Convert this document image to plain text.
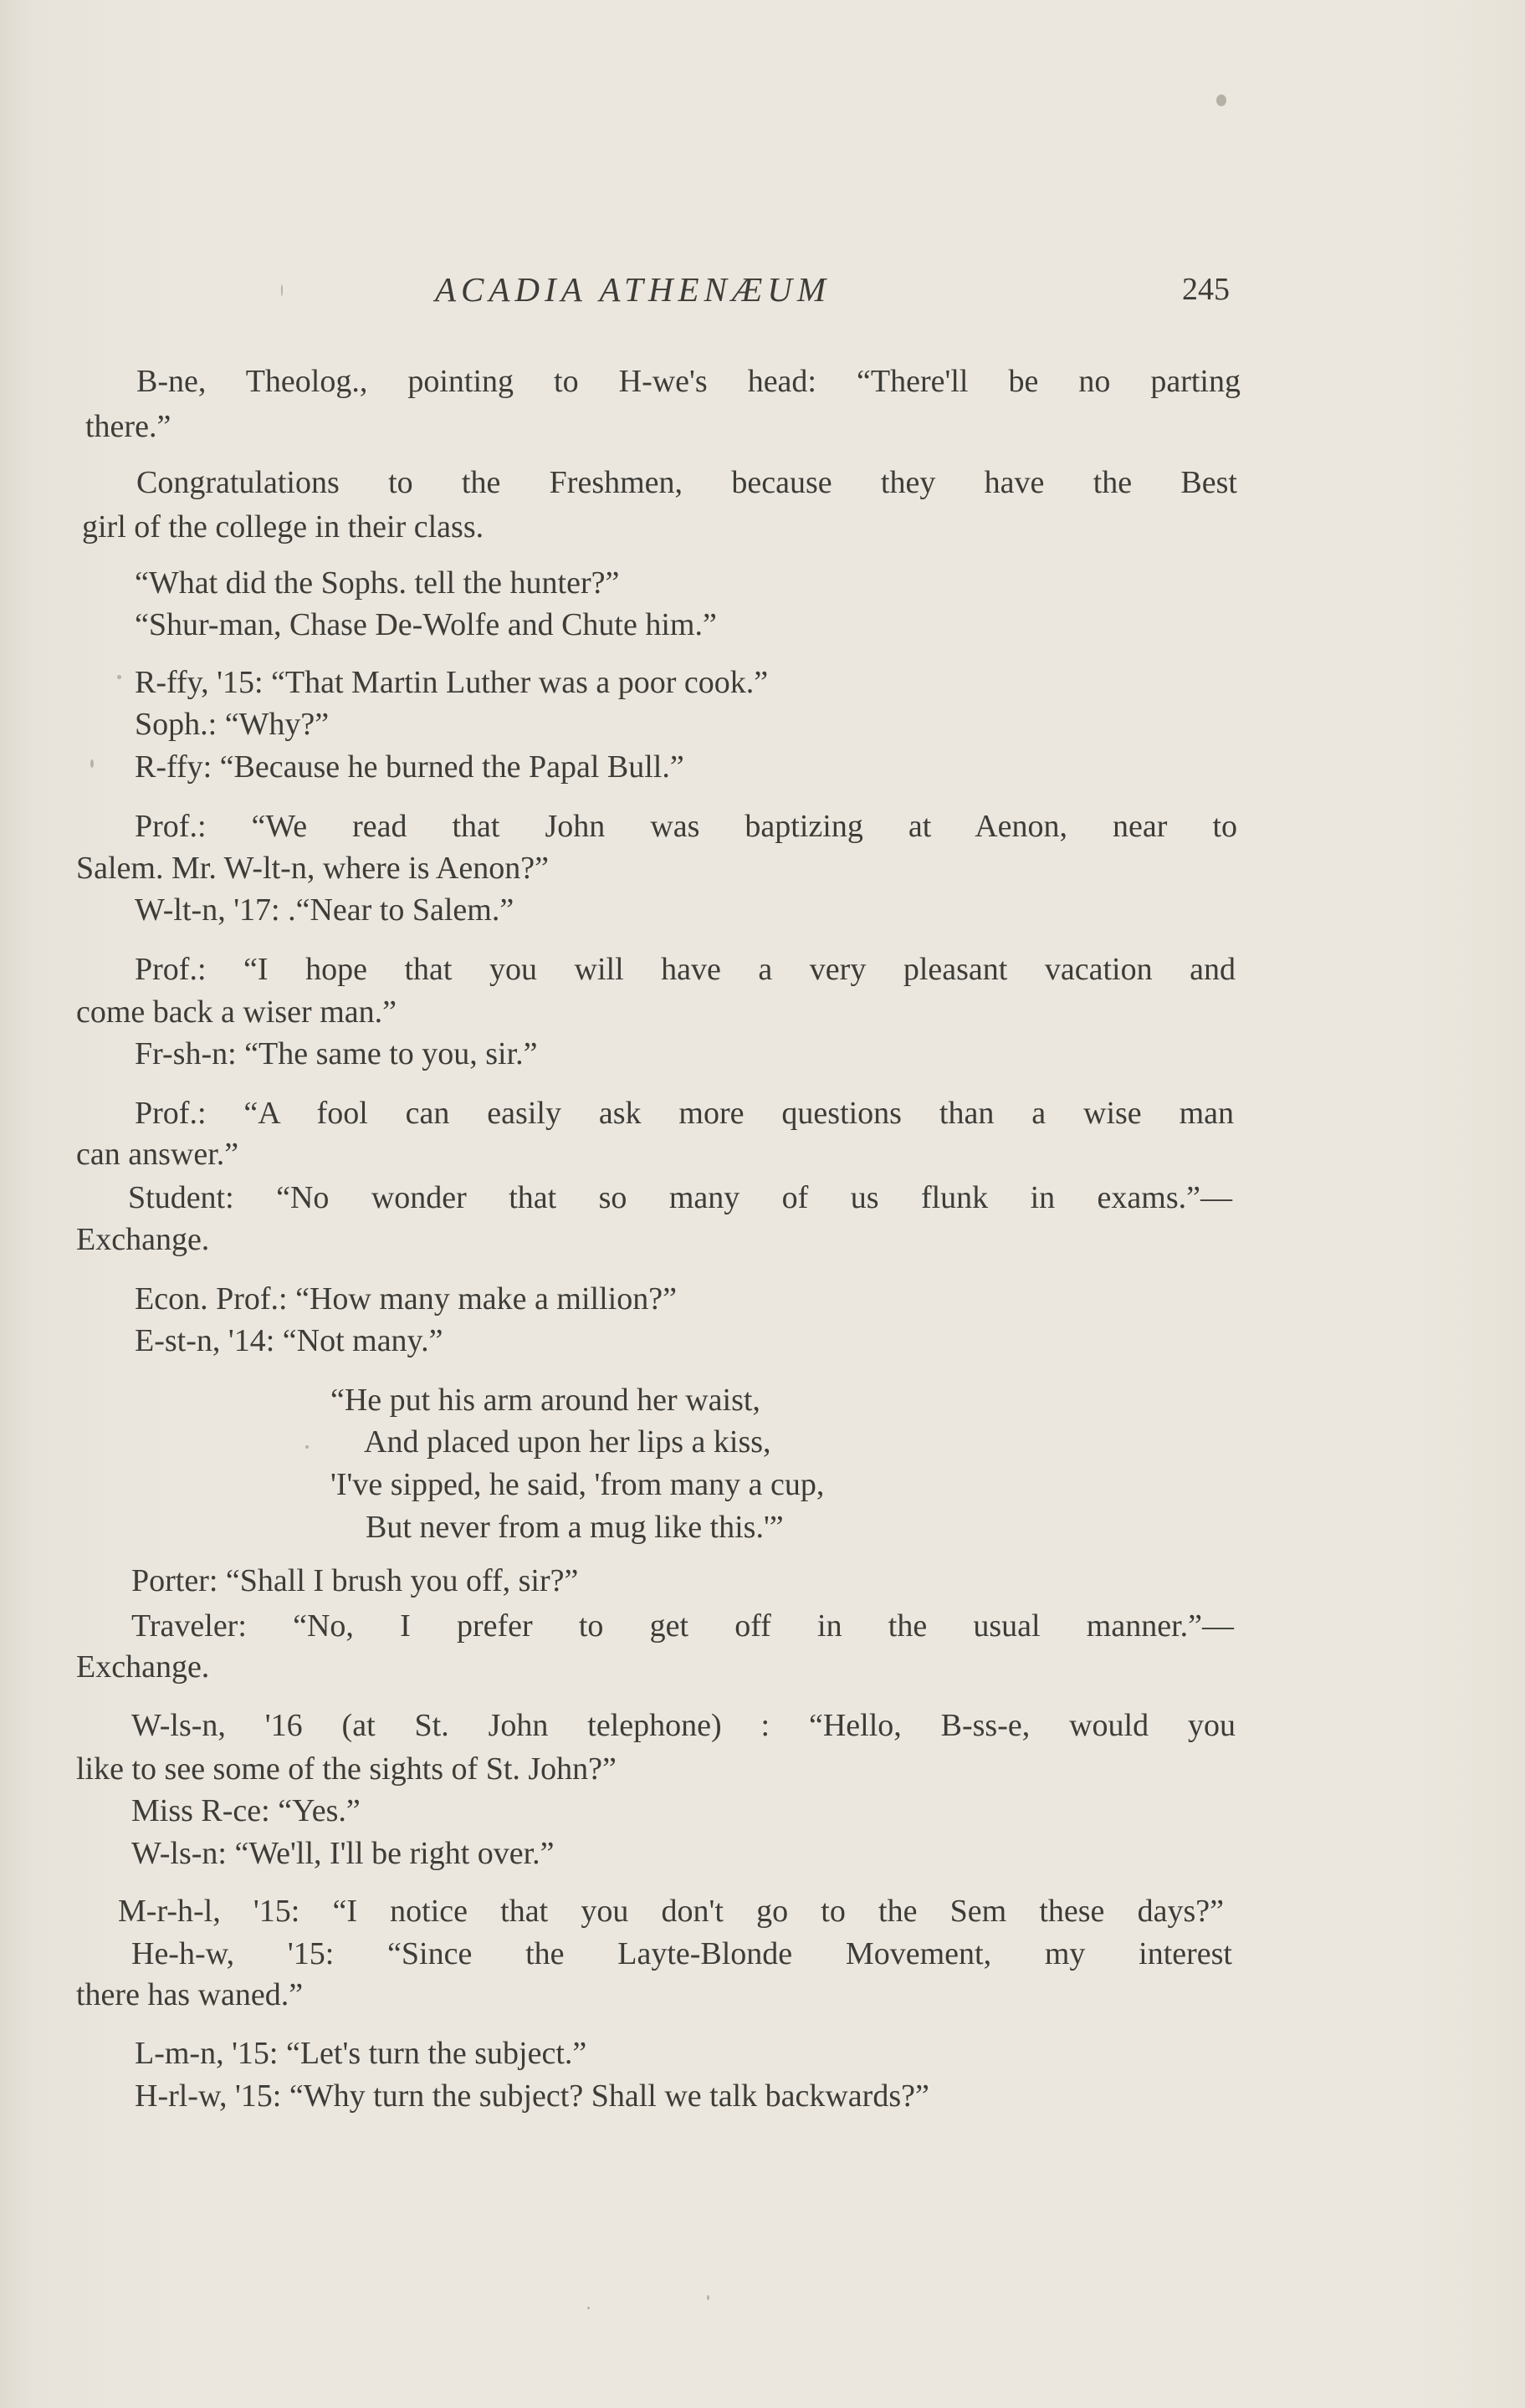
ACADIA ATHENÆUM	245
B-ne, Theolog., pointing to H-we's head: “There'll be no parting
there.”
Congratulations to the Freshmen, because they have the Best
girl of the college in their class.
“What did the Sophs. tell the hunter?”
“Shur-man, Chase De-Wolfe and Chute him.”
R-ffy, '15: “That Martin Luther was a poor cook.”
Soph.: “Why?”
R-ffy: “Because he burned the Papal Bull.”
Prof.: “We read that John was baptizing at Aenon, near to
Salem. Mr. W-lt-n, where is Aenon?”
W-lt-n, '17: .“Near to Salem.”
Prof.: “I hope that you will have a very pleasant vacation and
come back a wiser man.”
Fr-sh-n: “The same to you, sir.”
Prof.: “A fool can easily ask more questions than a wise man
can answer.”
Student: “No wonder that so many of us flunk in exams.”—
Exchange.
Econ. Prof.: “How many make a million?”
E-st-n, '14: “Not many.”
“He put his arm around her waist,
And placed upon her lips a kiss,
'I've sipped, he said, 'from many a cup,
But never from a mug like this.'”
Porter: “Shall I brush you off, sir?”
Traveler: “No, I prefer to get off in the usual manner.”—
Exchange.
W-ls-n, '16 (at St. John telephone) : “Hello, B-ss-e, would you
like to see some of the sights of St. John?”
Miss R-ce: “Yes.”
W-ls-n: “We'll, I'll be right over.”
M-r-h-l, '15: “I notice that you don't go to the Sem these days?”
He-h-w, '15: “Since the Layte-Blonde Movement, my interest
there has waned.”
L-m-n, '15: “Let's turn the subject.”
H-rl-w, '15: “Why turn the subject? Shall we talk backwards?”
